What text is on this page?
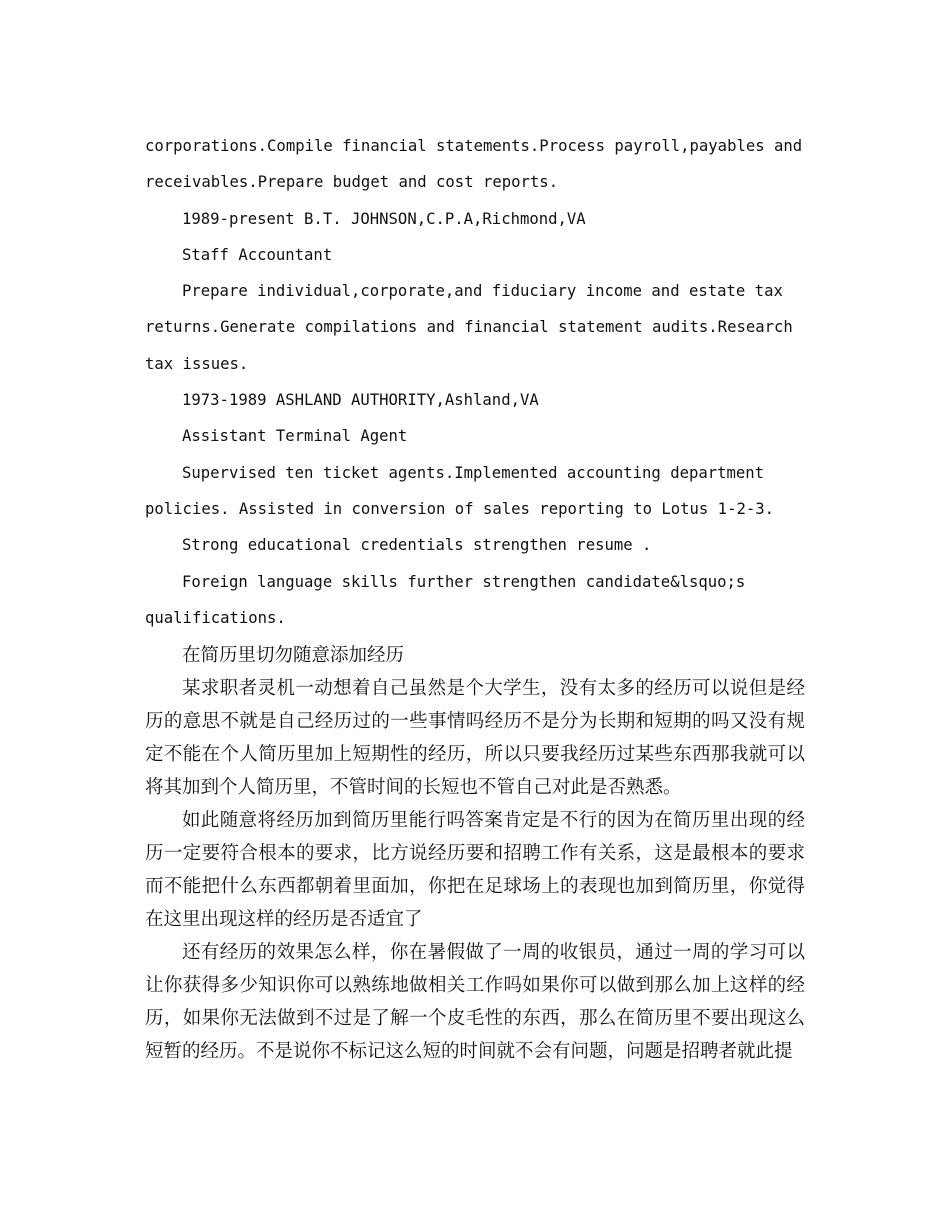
corporations.Compile financial statements.Process payroll,payables and

receivables.Prepare budget and cost reports.

1989-present B.T. JOHNSON,C.P.A,Richmond,VA

Staff Accountant

Prepare individual,corporate,and fiduciary income and estate tax

returns.Generate compilations and financial statement audits.Research

tax issues.

1973-1989 ASHLAND AUTHORITY,Ashland,VA

Assistant Terminal Agent

Supervised ten ticket agents.Implemented accounting department

policies. Assisted in conversion of sales reporting to Lotus 1-2-3.

Strong educational credentials strengthen resume .

Foreign language skills further strengthen candidate&lsquo;s

qualifications.

在简历里切勿随意添加经历

某求职者灵机一动想着自己虽然是个大学生，没有太多的经历可以说但是经历的意思不就是自己经历过的一些事情吗经历不是分为长期和短期的吗又没有规定不能在个人简历里加上短期性的经历，所以只要我经历过某些东西那我就可以将其加到个人简历里，不管时间的长短也不管自己对此是否熟悉。

如此随意将经历加到简历里能行吗答案肯定是不行的因为在简历里出现的经历一定要符合根本的要求，比方说经历要和招聘工作有关系，这是最根本的要求而不能把什么东西都朝着里面加，你把在足球场上的表现也加到简历里，你觉得在这里出现这样的经历是否适宜了

还有经历的效果怎么样，你在暑假做了一周的收银员，通过一周的学习可以让你获得多少知识你可以熟练地做相关工作吗如果你可以做到那么加上这样的经历，如果你无法做到不过是了解一个皮毛性的东西，那么在简历里不要出现这么短暂的经历。不是说你不标记这么短的时间就不会有问题，问题是招聘者就此提
